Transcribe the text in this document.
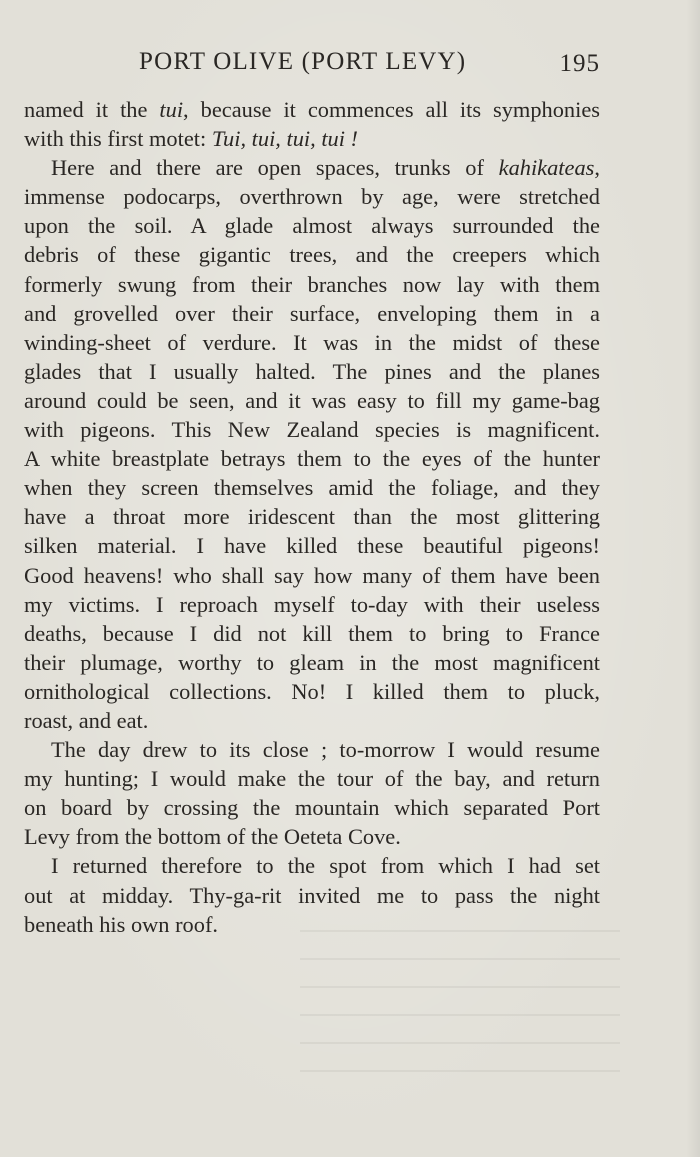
PORT OLIVE (PORT LEVY)	195
named it the tui, because it commences all its symphonies
with this first motet: Tui, tui, tui, tui !
Here and there are open spaces, trunks of kahikateas,
immense podocarps, overthrown by age, were stretched
upon the soil. A glade almost always surrounded the
debris of these gigantic trees, and the creepers which
formerly swung from their branches now lay with them
and grovelled over their surface, enveloping them in a
winding-sheet of verdure. It was in the midst of these
glades that I usually halted. The pines and the planes
around could be seen, and it was easy to fill my game-bag
with pigeons. This New Zealand species is magnificent.
A white breastplate betrays them to the eyes of the hunter
when they screen themselves amid the foliage, and they
have a throat more iridescent than the most glittering
silken material. I have killed these beautiful pigeons!
Good heavens! who shall say how many of them have been
my victims. I reproach myself to-day with their useless
deaths, because I did not kill them to bring to France
their plumage, worthy to gleam in the most magnificent
ornithological collections. No! I killed them to pluck,
roast, and eat.
The day drew to its close ; to-morrow I would resume
my hunting; I would make the tour of the bay, and return
on board by crossing the mountain which separated Port
Levy from the bottom of the Oeteta Cove.
I returned therefore to the spot from which I had set
out at midday. Thy-ga-rit invited me to pass the night
beneath his own roof.
